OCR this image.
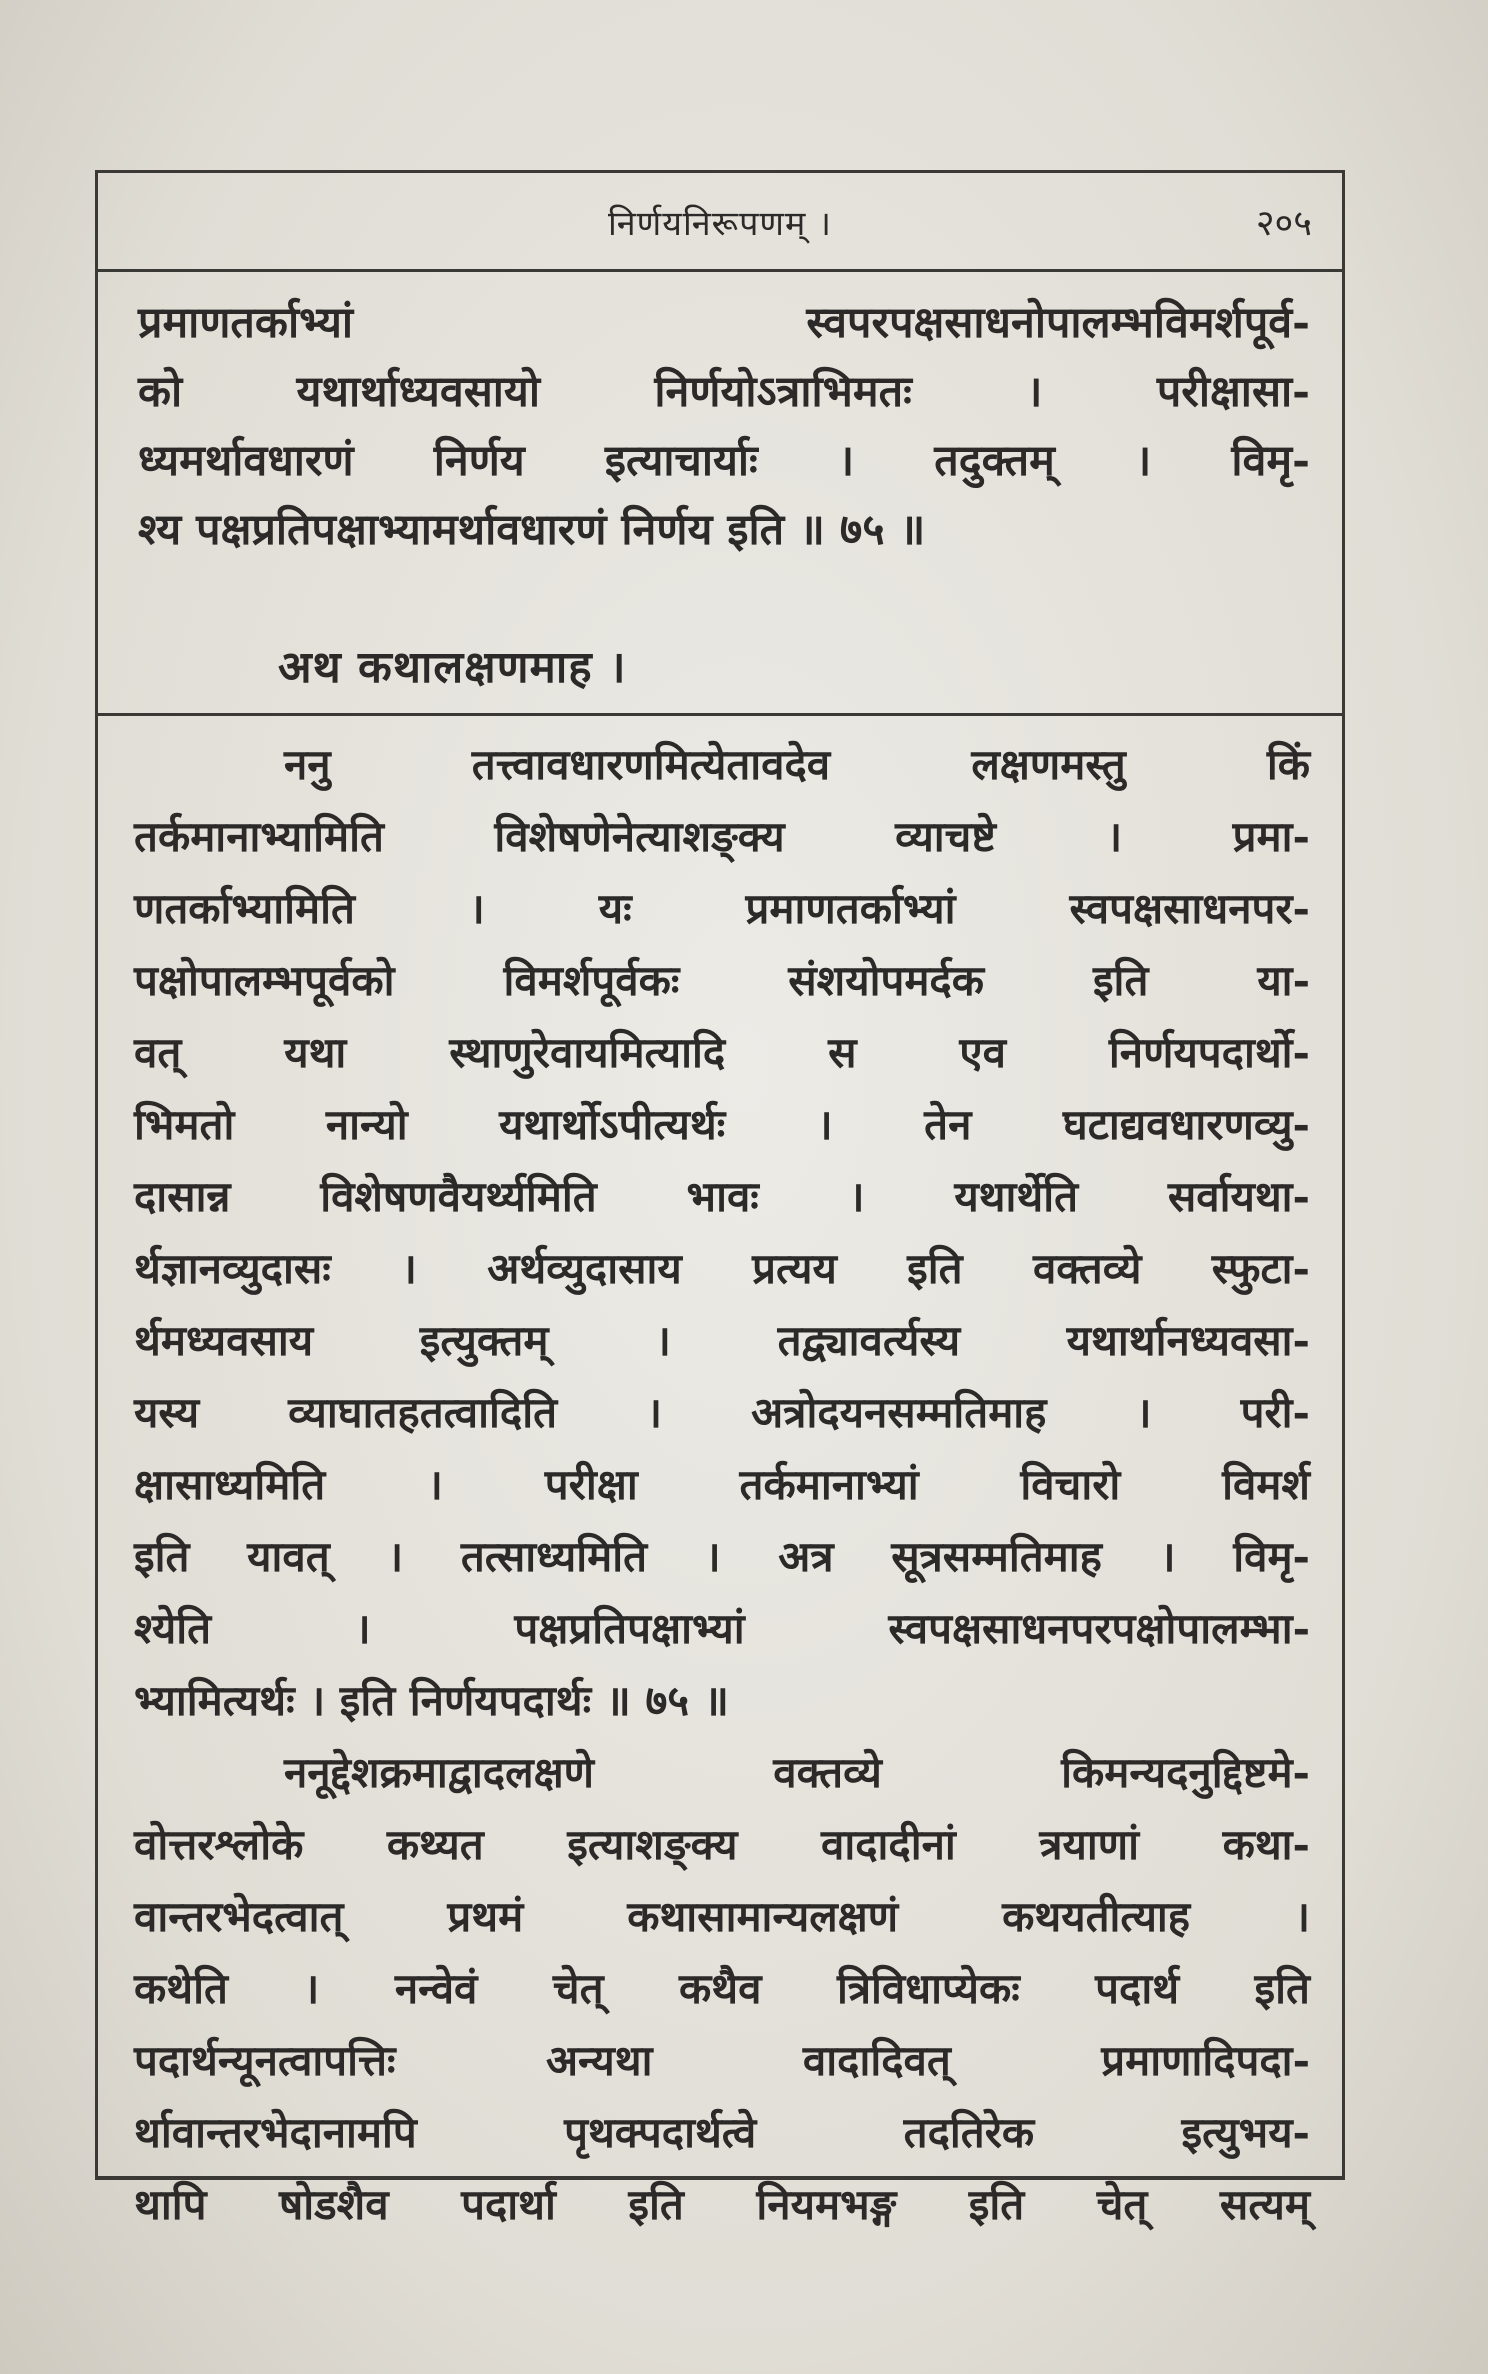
निर्णयनिरूपणम् ।	२०५
प्रमाणतर्काभ्यां स्वपरपक्षसाधनोपालम्भविमर्शपूर्व-
को यथार्थाध्यवसायो निर्णयोऽत्राभिमतः । परीक्षासा-
ध्यमर्थावधारणं निर्णय इत्याचार्याः । तदुक्तम् । विमृ-
श्य पक्षप्रतिपक्षाभ्यामर्थावधारणं निर्णय इति ॥ ७५ ॥
अथ कथालक्षणमाह ।
ननु तत्त्वावधारणमित्येतावदेव लक्षणमस्तु किं
तर्कमानाभ्यामिति विशेषणेनेत्याशङ्क्य व्याचष्टे । प्रमा-
णतर्काभ्यामिति । यः प्रमाणतर्काभ्यां स्वपक्षसाधनपर-
पक्षोपालम्भपूर्वको विमर्शपूर्वकः संशयोपमर्दक इति या-
वत् यथा स्थाणुरेवायमित्यादि स एव निर्णयपदार्थो-
भिमतो नान्यो यथार्थोऽपीत्यर्थः । तेन घटाद्यवधारणव्यु-
दासान्न विशेषणवैयर्थ्यमिति भावः । यथार्थेति सर्वायथा-
र्थज्ञानव्युदासः । अर्थव्युदासाय प्रत्यय इति वक्तव्ये स्फुटा-
र्थमध्यवसाय इत्युक्तम् । तद्व्यावर्त्यस्य यथार्थानध्यवसा-
यस्य व्याघातहतत्वादिति । अत्रोदयनसम्मतिमाह । परी-
क्षासाध्यमिति । परीक्षा तर्कमानाभ्यां विचारो विमर्श
इति यावत् । तत्साध्यमिति । अत्र सूत्रसम्मतिमाह । विमृ-
श्येति । पक्षप्रतिपक्षाभ्यां स्वपक्षसाधनपरपक्षोपालम्भा-
भ्यामित्यर्थः । इति निर्णयपदार्थः ॥ ७५ ॥
ननूद्देशक्रमाद्वादलक्षणे वक्तव्ये किमन्यदनुद्दिष्टमे-
वोत्तरश्लोके कथ्यत इत्याशङ्क्य वादादीनां त्रयाणां कथा-
वान्तरभेदत्वात् प्रथमं कथासामान्यलक्षणं कथयतीत्याह ।
कथेति । नन्वेवं चेत् कथैव त्रिविधाप्येकः पदार्थ इति
पदार्थन्यूनत्वापत्तिः अन्यथा वादादिवत् प्रमाणादिपदा-
र्थावान्तरभेदानामपि पृथक्पदार्थत्वे तदतिरेक इत्युभय-
थापि षोडशैव पदार्था इति नियमभङ्ग इति चेत् सत्यम्
